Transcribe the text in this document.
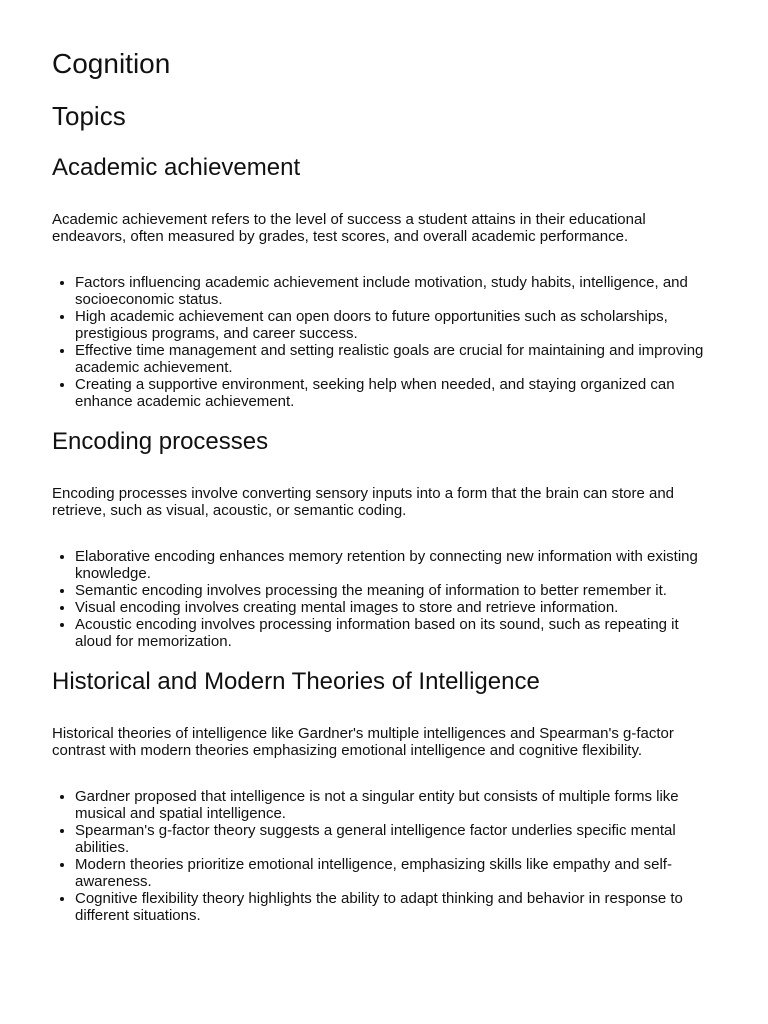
Cognition
Topics
Academic achievement

Academic achievement refers to the level of success a student attains in their educational endeavors, often measured by grades, test scores, and overall academic performance.

• Factors influencing academic achievement include motivation, study habits, intelligence, and socioeconomic status.
• High academic achievement can open doors to future opportunities such as scholarships, prestigious programs, and career success.
• Effective time management and setting realistic goals are crucial for maintaining and improving academic achievement.
• Creating a supportive environment, seeking help when needed, and staying organized can enhance academic achievement.
Encoding processes

Encoding processes involve converting sensory inputs into a form that the brain can store and retrieve, such as visual, acoustic, or semantic coding.

• Elaborative encoding enhances memory retention by connecting new information with existing knowledge.
• Semantic encoding involves processing the meaning of information to better remember it.
• Visual encoding involves creating mental images to store and retrieve information.
• Acoustic encoding involves processing information based on its sound, such as repeating it aloud for memorization.
Historical and Modern Theories of Intelligence

Historical theories of intelligence like Gardner's multiple intelligences and Spearman's g-factor contrast with modern theories emphasizing emotional intelligence and cognitive flexibility.

• Gardner proposed that intelligence is not a singular entity but consists of multiple forms like musical and spatial intelligence.
• Spearman's g-factor theory suggests a general intelligence factor underlies specific mental abilities.
• Modern theories prioritize emotional intelligence, emphasizing skills like empathy and self-awareness.
• Cognitive flexibility theory highlights the ability to adapt thinking and behavior in response to different situations.
